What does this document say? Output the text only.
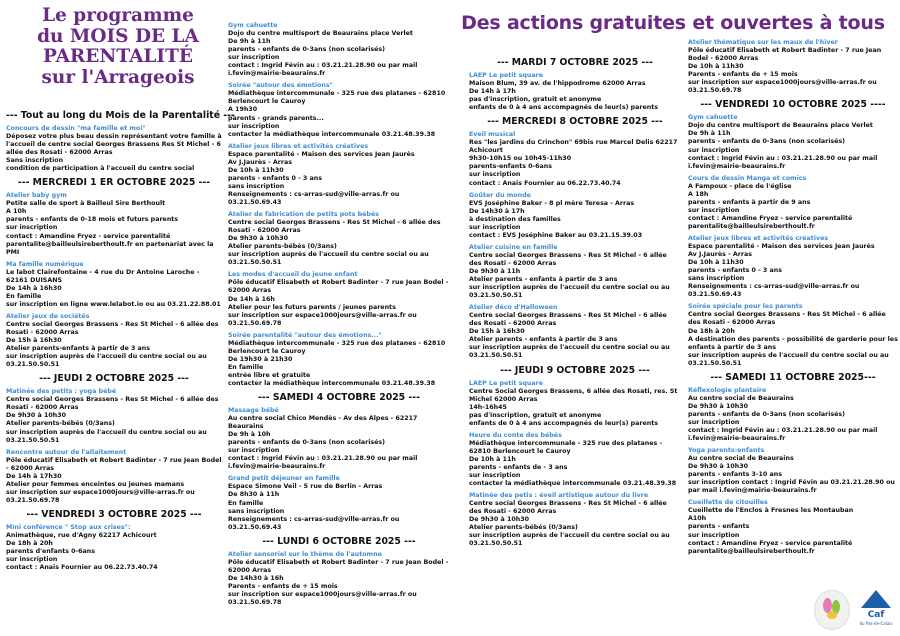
Le programme
du MOIS DE LA
PARENTALITÉ
sur l'Arrageois
Des actions gratuites et ouvertes à tous
--- Tout au long du Mois de la Parentalité ---
Concours de dessin "ma famille et moi"
Déposez votre plus beau dessin représentant votre famille à l'accueil de centre social Georges Brassens Res St Michel - 6 allée des Rosati - 62000 Arras
Sans inscription
condition de participation à l'accueil du centre social
--- MERCREDI 1 ER OCTOBRE 2025 ---
Atelier baby gym
Petite salle de sport à Bailleul Sire Berthoult
A 10h
parents - enfants de 0-18 mois et futurs parents
sur inscription
contact : Amandine Fryez - service parentalité parentalite@bailleulsireberthoult.fr en partenariat avec la PMI
Ma famille numérique
Le labot Clairefontaine - 4 rue du Dr Antoine Laroche - 62161 DUISANS
De 14h à 16h30
En famille
sur inscription en ligne www.lelabot.io ou au 03.21.22.88.01
Atelier jeux de sociétés
Centre social Georges Brassens - Res St Michel - 6 allée des Rosati - 62000 Arras
De 15h à 16h30
Atelier parents-enfants à partir de 3 ans
sur inscription auprès de l'accueil du centre social ou au 03.21.50.50.51
--- JEUDI 2 OCTOBRE 2025 ---
Matinée des petits : yoga bébé
Centre social Georges Brassens - Res St Michel - 6 allée des Rosati - 62000 Arras
De 9h30 à 10h30
Atelier parents-bébés (0/3ans)
sur inscription auprès de l'accueil du centre social ou au 03.21.50.50.51
Rencontre autour de l'allaitement
Pôle éducatif Elisabeth et Robert Badinter - 7 rue Jean Bodel - 62000 Arras
De 14h à 17h30
Atelier pour femmes enceintes ou jeunes mamans
sur inscription sur espace1000jours@ville-arras.fr ou 03.21.50.69.78
--- VENDREDI 3 OCTOBRE 2025 ---
Mini conférence " Stop aux crises":
Animathèque, rue d'Agny 62217 Achicourt
De 18h à 20h
parents d'enfants 0-6ans
sur inscription
contact : Anais Fournier au 06.22.73.40.74
Gym cahuette
Dojo du centre multisport de Beaurains place Verlet
De 9h à 11h
parents - enfants de 0-3ans (non scolarisés)
sur inscription
contact : Ingrid Févin au : 03.21.21.28.90 ou par mail i.fevin@mairie-beaurains.fr
Soirée "autour des émotions"
Médiathèque intercommunale - 325 rue des platanes - 62810 Berlencourt le Cauroy
A 19h30
parents - grands parents...
sur inscription
contacter la médiathèque intercommunale 03.21.48.39.38
Atelier jeux libres et activités créatives
Espace parentalité - Maison des services Jean Jaurès
Av J.Jaurès - Arras
De 10h à 11h30
parents - enfants 0 - 3 ans
sans inscription
Renseignements : cs-arras-sud@ville-arras.fr ou 03.21.50.69.43
Atelier de fabrication de petits pots bébés
Centre social Georges Brassens - Res St Michel - 6 allée des Rosati - 62000 Arras
De 9h30 à 10h30
Atelier parents-bébés (0/3ans)
sur inscription auprès de l'accueil du centre social ou au 03.21.50.50.51
Les modes d'accueil du jeune enfant
Pôle éducatif Elisabeth et Robert Badinter - 7 rue Jean Bodel - 62000 Arras
De 14h à 16h
Atelier pour les futurs parents / jeunes parents
sur inscription sur espace1000jours@ville-arras.fr ou 03.21.50.69.78
Soirée parentalité "autour des émotions..."
Médiathèque intercommunale - 325 rue des platanes - 62810 Berlencourt le Cauroy
De 19h30 à 21h30
En famille
entrée libre et gratuite
contacter la médiathèque intercommunale 03.21.48.39.38
--- SAMEDI 4 OCTOBRE 2025 ---
Massage bébé
Au centre social Chico Mendès - Av des Alpes - 62217 Beaurains
De 9h à 10h
parents - enfants de 0-3ans (non scolarisés)
sur inscription
contact : Ingrid Févin au : 03.21.21.28.90 ou par mail i.fevin@mairie-beaurains.fr
Grand petit déjeuner en famille
Espace Simone Veil - 5 rue de Berlin - Arras
De 8h30 à 11h
En famille
sans inscription
Renseignements : cs-arras-sud@ville-arras.fr ou 03.21.50.69.43
--- LUNDI 6 OCTOBRE 2025 ---
Atelier sensoriel sur le thème de l'automne
Pôle éducatif Elisabeth et Robert Badinter - 7 rue Jean Bodel - 62000 Arras
De 14h30 à 16h
Parents - enfants de + 15 mois
sur inscription sur espace1000jours@ville-arras.fr ou 03.21.50.69.78
--- MARDI 7 OCTOBRE 2025 ---
LAEP Le petit square
Maison Blum, 39 av. de l'hippodrome 62000 Arras
De 14h à 17h
pas d'inscription, gratuit et anonyme
enfants de 0 à 4 ans accompagnés de leur(s) parents
--- MERCREDI 8 OCTOBRE 2025 ---
Eveil musical
Res "les jardins du Crinchon" 69bis rue Marcel Delis 62217 Achicourt
9h30-10h15 ou 10h45-11h30
parents-enfants 0-6ans
sur inscription
contact : Anais Fournier au 06.22.73.40.74
Goûter du monde
EVS Joséphine Baker - 8 pl mère Teresa - Arras
De 14h30 à 17h
à destination des familles
sur inscription
contact : EVS Joséphine Baker au 03.21.15.39.03
Atelier cuisine en famille
Centre social Georges Brassens - Res St Michel - 6 allée des Rosati - 62000 Arras
De 9h30 à 11h
Atelier parents - enfants à partir de 3 ans
sur inscription auprès de l'accueil du centre social ou au 03.21.50.50.51
Atelier déco d'Halloween
Centre social Georges Brassens - Res St Michel - 6 allée des Rosati - 62000 Arras
De 15h à 16h30
Atelier parents - enfants à partir de 3 ans
sur inscription auprès de l'accueil du centre social ou au 03.21.50.50.51
--- JEUDI 9 OCTOBRE 2025 ---
LAEP Le petit square
Centre Social Georges Brassens, 6 allée des Rosati, res. St Michel 62000 Arras
14h-16h45
pas d'inscription, gratuit et anonyme
enfants de 0 à 4 ans accompagnés de leur(s) parents
Heure du conte des bébés
Médiathèque intercommunale - 325 rue des platanes - 62810 Berlencourt le Cauroy
De 10h à 11h
parents - enfants de - 3 ans
sur inscription
contacter la médiathèque intercommunale 03.21.48.39.38
Matinée des petis : éveil artistique autour du livre
Centre social Georges Brassens - Res St Michel - 6 allée des Rosati - 62000 Arras
De 9h30 à 10h30
Atelier parents-bébés (0/3ans)
sur inscription auprès de l'accueil du centre social ou au 03.21.50.50.51
Atelier thématique sur les maux de l'hiver
Pôle éducatif Elisabeth et Robert Badinter - 7 rue Jean Bodel - 62000 Arras
De 10h à 11h30
Parents - enfants de + 15 mois
sur inscription sur espace1000jours@ville-arras.fr ou 03.21.50.69.78
--- VENDREDI 10 OCTOBRE 2025 ----
Gym cahuette
Dojo du centre multisport de Beaurains place Verlet
De 9h à 11h
parents - enfants de 0-3ans (non scolarisés)
sur inscription
contact : Ingrid Févin au : 03.21.21.28.90 ou par mail i.fevin@mairie-beaurains.fr
Cours de dessin Manga et comics
A Fampoux - place de l'église
A 18h
parents - enfants à partir de 9 ans
sur inscription
contact : Amandine Fryez - service parentalité parentalite@bailleulsireberthoult.fr
Atelier jeux libres et activités créatives
Espace parentalité - Maison des services Jean Jaurès
Av J.Jaurès - Arras
De 10h à 11h30
parents - enfants 0 - 3 ans
sans inscription
Renseignements : cs-arras-sud@ville-arras.fr ou 03.21.50.69.43
Soirée spéciale pour les parents
Centre social Georges Brassens - Res St Michel - 6 allée des Rosati - 62000 Arras
De 18h à 20h
A destination des parents - possibilité de garderie pour les enfants à partir de 3 ans
sur inscription auprès de l'accueil du centre social ou au 03.21.50.50.51
--- SAMEDI 11 OCTOBRE 2025---
Réflexologie plantaire
Au centre social de Beaurains
De 9h30 à 10h30
parents - enfants de 0-3ans (non scolarisés)
sur inscription
contact : Ingrid Févin au : 03.21.21.28.90 ou par mail i.fevin@mairie-beaurains.fr
Yoga parents-enfants
Au centre social de Beaurains
De 9h30 à 10h30
parents - enfants 3-10 ans
sur inscription contact : Ingrid Févin au 03.21.21.28.90 ou par mail i.fevin@mairie-beaurains.fr
Cueillette de citouilles
Cueillette de l'Enclos à Fresnes les Montauban
A10h
parents - enfants
sur inscription
contact : Amandine Fryez - service parentalité parentalite@bailleulsireberthoult.fr
Caf
du Pas-de-Calais
